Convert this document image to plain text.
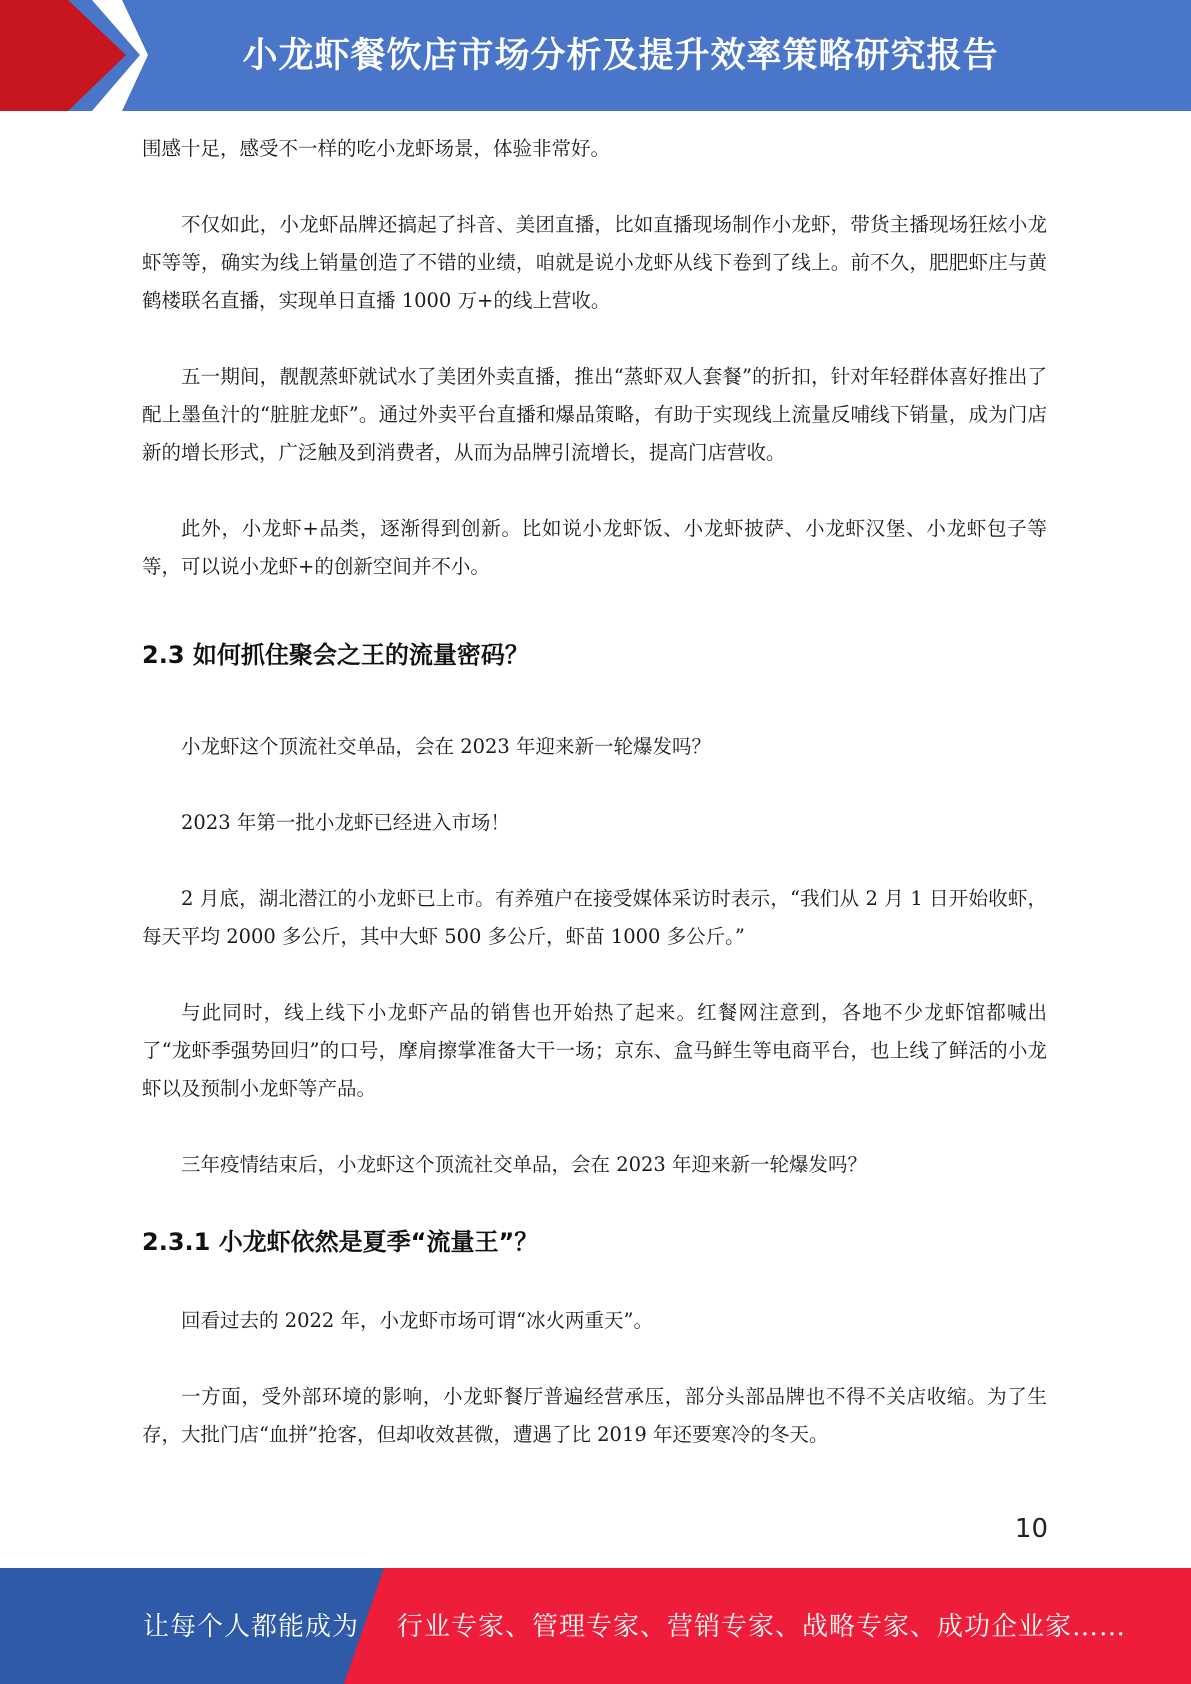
小龙虾餐饮店市场分析及提升效率策略研究报告

围感十足，感受不一样的吃小龙虾场景，体验非常好。

不仅如此，小龙虾品牌还搞起了抖音、美团直播，比如直播现场制作小龙虾，带货主播现场狂炫小龙虾等等，确实为线上销量创造了不错的业绩，咱就是说小龙虾从线下卷到了线上。前不久，肥肥虾庄与黄鹤楼联名直播，实现单日直播 1000 万+的线上营收。

五一期间，靓靓蒸虾就试水了美团外卖直播，推出“蒸虾双人套餐”的折扣，针对年轻群体喜好推出了配上墨鱼汁的“脏脏龙虾”。通过外卖平台直播和爆品策略，有助于实现线上流量反哺线下销量，成为门店新的增长形式，广泛触及到消费者，从而为品牌引流增长，提高门店营收。

此外，小龙虾+品类，逐渐得到创新。比如说小龙虾饭、小龙虾披萨、小龙虾汉堡、小龙虾包子等等，可以说小龙虾+的创新空间并不小。

2.3 如何抓住聚会之王的流量密码？

小龙虾这个顶流社交单品，会在 2023 年迎来新一轮爆发吗？

2023 年第一批小龙虾已经进入市场！

2 月底，湖北潜江的小龙虾已上市。有养殖户在接受媒体采访时表示，“我们从 2 月 1 日开始收虾，每天平均 2000 多公斤，其中大虾 500 多公斤，虾苗 1000 多公斤。”

与此同时，线上线下小龙虾产品的销售也开始热了起来。红餐网注意到，各地不少龙虾馆都喊出了“龙虾季强势回归”的口号，摩肩擦掌准备大干一场；京东、盒马鲜生等电商平台，也上线了鲜活的小龙虾以及预制小龙虾等产品。

三年疫情结束后，小龙虾这个顶流社交单品，会在 2023 年迎来新一轮爆发吗？

2.3.1 小龙虾依然是夏季“流量王”？

回看过去的 2022 年，小龙虾市场可谓“冰火两重天”。

一方面，受外部环境的影响，小龙虾餐厅普遍经营承压，部分头部品牌也不得不关店收缩。为了生存，大批门店“血拼”抢客，但却收效甚微，遭遇了比 2019 年还要寒冷的冬天。

10
让每个人都能成为 行业专家、管理专家、营销专家、战略专家、成功企业家……
